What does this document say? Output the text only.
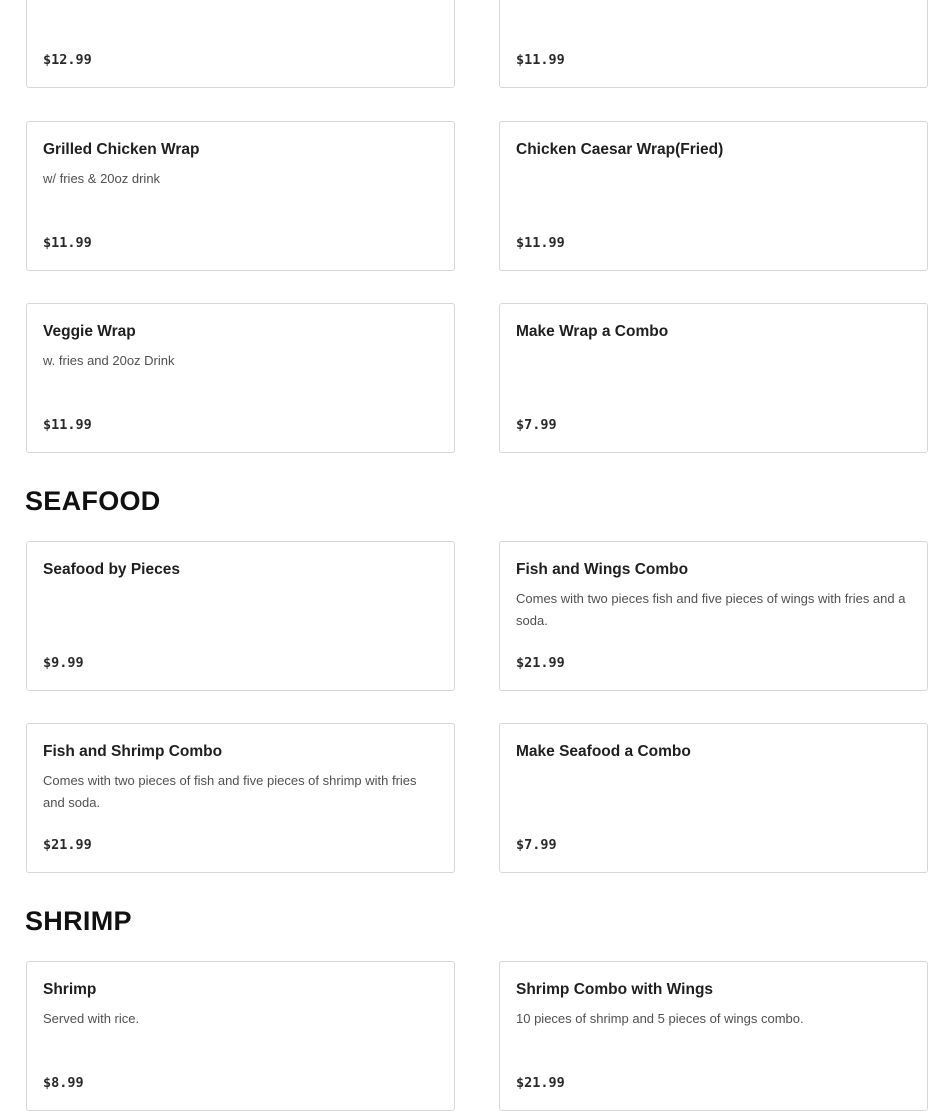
$12.99	$11.99
Grilled Chicken Wrap
w/ fries & 20oz drink
$11.99
Chicken Caesar Wrap(Fried)
$11.99
Veggie Wrap
w. fries and 20oz Drink
$11.99
Make Wrap a Combo
$7.99
SEAFOOD
Seafood by Pieces
$9.99
Fish and Wings Combo
Comes with two pieces fish and five pieces of wings with fries and a soda.
$21.99
Fish and Shrimp Combo
Comes with two pieces of fish and five pieces of shrimp with fries and soda.
$21.99
Make Seafood a Combo
$7.99
SHRIMP
Shrimp
Served with rice.
$8.99
Shrimp Combo with Wings
10 pieces of shrimp and 5 pieces of wings combo.
$21.99
